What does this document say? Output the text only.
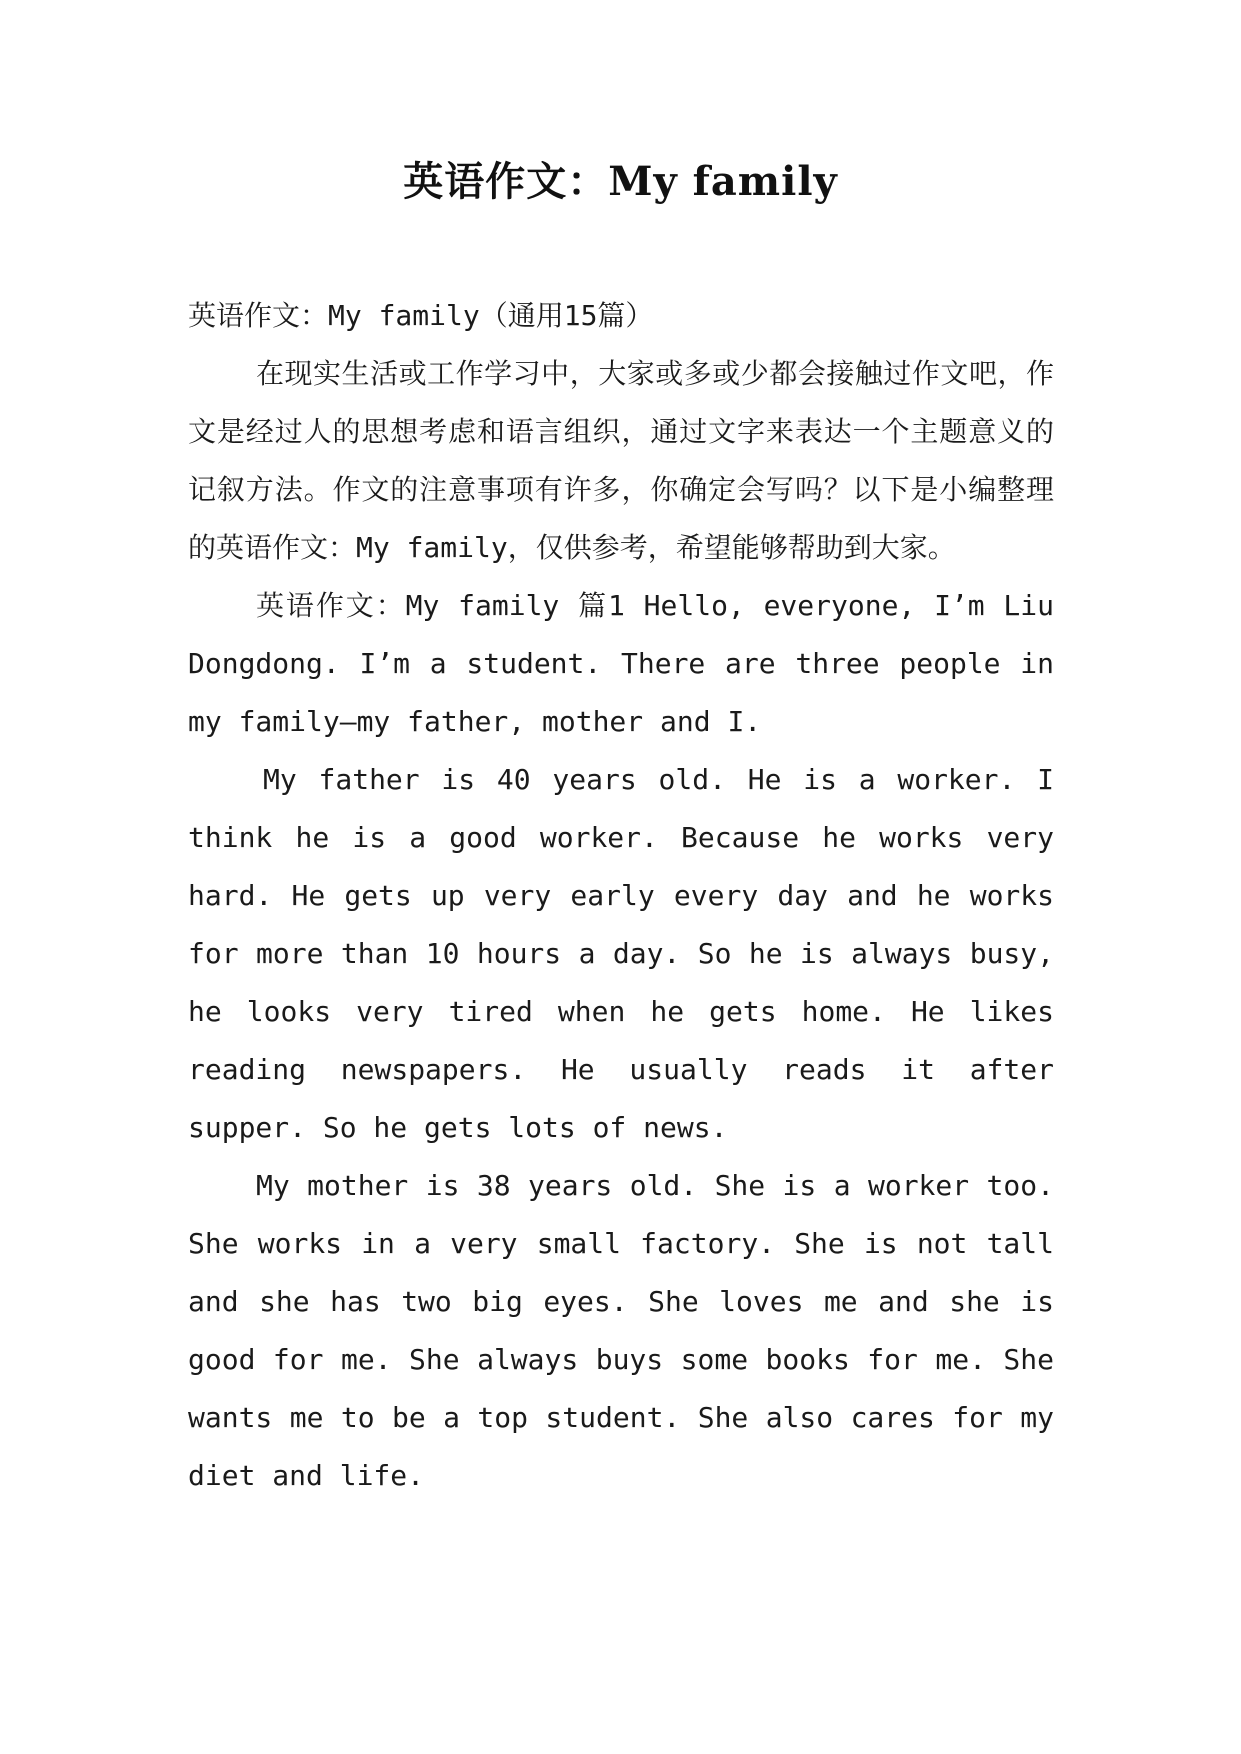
英语作文：My family

英语作文：My family（通用15篇）

在现实生活或工作学习中，大家或多或少都会接触过作文吧，作文是经过人的思想考虑和语言组织，通过文字来表达一个主题意义的记叙方法。作文的注意事项有许多，你确定会写吗？以下是小编整理的英语作文：My family，仅供参考，希望能够帮助到大家。

英语作文：My family 篇1 Hello, everyone, I’m Liu Dongdong. I’m a student. There are three people in my family—my father, mother and I.

My father is 40 years old. He is a worker. I think he is a good worker. Because he works very hard. He gets up very early every day and he works for more than 10 hours a day. So he is always busy, he looks very tired when he gets home. He likes reading newspapers. He usually reads it after supper. So he gets lots of news.

My mother is 38 years old. She is a worker too. She works in a very small factory. She is not tall and she has two big eyes. She loves me and she is good for me. She always buys some books for me. She wants me to be a top student. She also cares for my diet and life.
